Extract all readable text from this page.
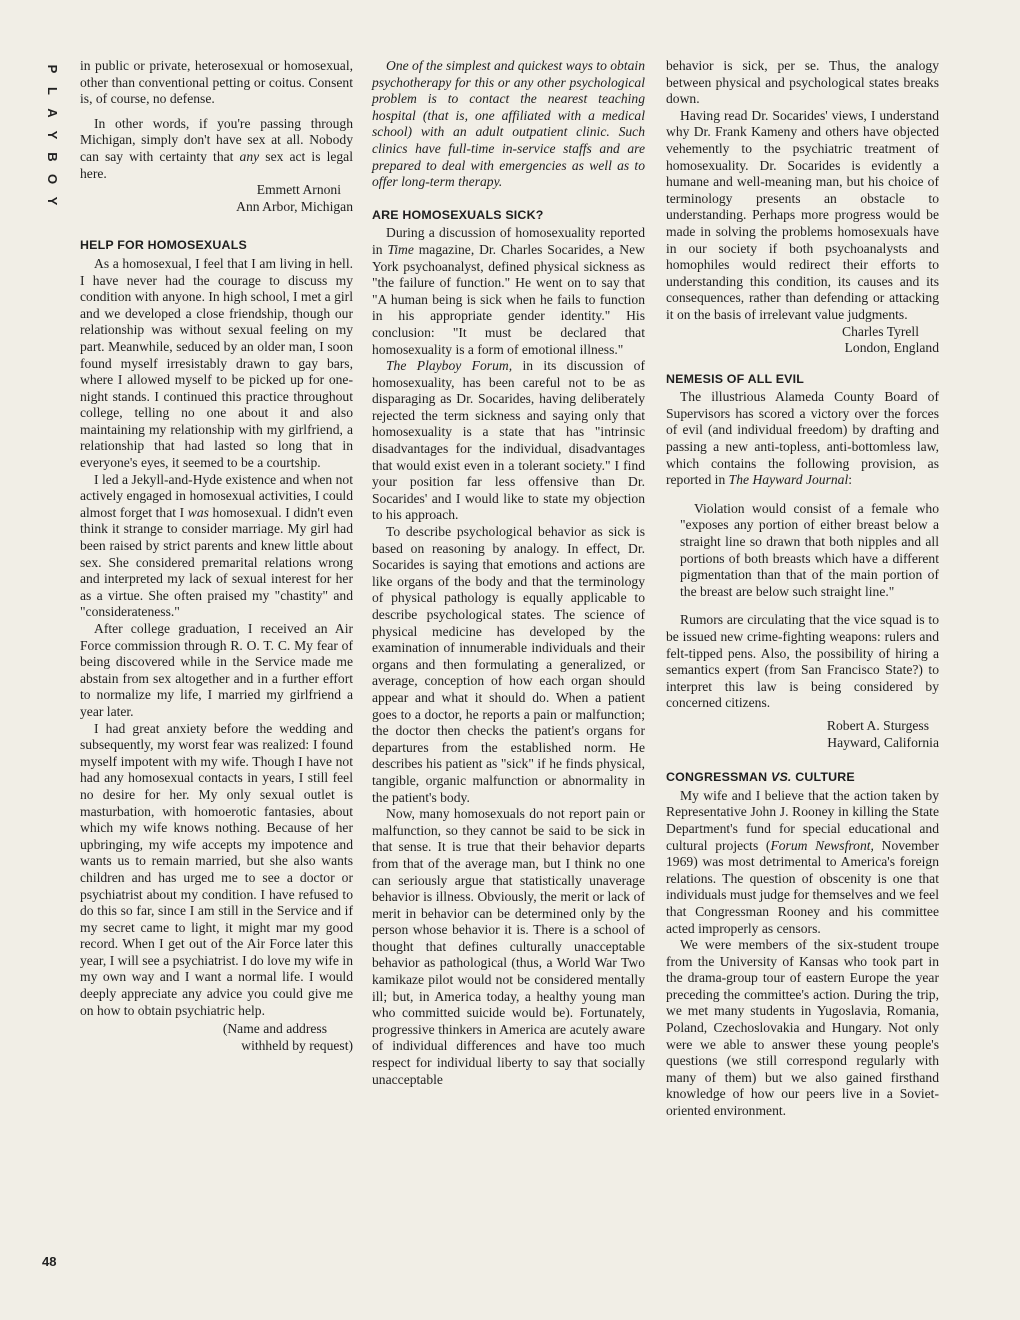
P
L
A
Y
B
O
Y
48

in public or private, heterosexual or homosexual, other than conventional petting or coitus. Consent is, of course, no defense.

In other words, if you're passing through Michigan, simply don't have sex at all. Nobody can say with certainty that any sex act is legal here.

Emmett Arnoni
Ann Arbor, Michigan
HELP FOR HOMOSEXUALS

As a homosexual, I feel that I am living in hell. I have never had the courage to discuss my condition with anyone. In high school, I met a girl and we developed a close friendship, though our relationship was without sexual feeling on my part. Meanwhile, seduced by an older man, I soon found myself irresistably drawn to gay bars, where I allowed myself to be picked up for one-night stands. I continued this practice throughout college, telling no one about it and also maintaining my relationship with my girlfriend, a relationship that had lasted so long that in everyone's eyes, it seemed to be a courtship.

I led a Jekyll-and-Hyde existence and when not actively engaged in homosexual activities, I could almost forget that I was homosexual. I didn't even think it strange to consider marriage. My girl had been raised by strict parents and knew little about sex. She considered premarital relations wrong and interpreted my lack of sexual interest for her as a virtue. She often praised my "chastity" and "considerateness."

After college graduation, I received an Air Force commission through R. O. T. C. My fear of being discovered while in the Service made me abstain from sex altogether and in a further effort to normalize my life, I married my girlfriend a year later.

I had great anxiety before the wedding and subsequently, my worst fear was realized: I found myself impotent with my wife. Though I have not had any homosexual contacts in years, I still feel no desire for her. My only sexual outlet is masturbation, with homoerotic fantasies, about which my wife knows nothing. Because of her upbringing, my wife accepts my impotence and wants us to remain married, but she also wants children and has urged me to see a doctor or psychiatrist about my condition. I have refused to do this so far, since I am still in the Service and if my secret came to light, it might mar my good record. When I get out of the Air Force later this year, I will see a psychiatrist. I do love my wife in my own way and I want a normal life. I would deeply appreciate any advice you could give me on how to obtain psychiatric help.

(Name and address
withheld by request)

One of the simplest and quickest ways to obtain psychotherapy for this or any other psychological problem is to contact the nearest teaching hospital (that is, one affiliated with a medical school) with an adult outpatient clinic. Such clinics have full-time in-service staffs and are prepared to deal with emergencies as well as to offer long-term therapy.

ARE HOMOSEXUALS SICK?

During a discussion of homosexuality reported in Time magazine, Dr. Charles Socarides, a New York psychoanalyst, defined physical sickness as "the failure of function." He went on to say that "A human being is sick when he fails to function in his appropriate gender identity." His conclusion: "It must be declared that homosexuality is a form of emotional illness."

The Playboy Forum, in its discussion of homosexuality, has been careful not to be as disparaging as Dr. Socarides, having deliberately rejected the term sickness and saying only that homosexuality is a state that has "intrinsic disadvantages for the individual, disadvantages that would exist even in a tolerant society." I find your position far less offensive than Dr. Socarides' and I would like to state my objection to his approach.

To describe psychological behavior as sick is based on reasoning by analogy. In effect, Dr. Socarides is saying that emotions and actions are like organs of the body and that the terminology of physical pathology is equally applicable to describe psychological states. The science of physical medicine has developed by the examination of innumerable individuals and their organs and then formulating a generalized, or average, conception of how each organ should appear and what it should do. When a patient goes to a doctor, he reports a pain or malfunction; the doctor then checks the patient's organs for departures from the established norm. He describes his patient as "sick" if he finds physical, tangible, organic malfunction or abnormality in the patient's body.

Now, many homosexuals do not report pain or malfunction, so they cannot be said to be sick in that sense. It is true that their behavior departs from that of the average man, but I think no one can seriously argue that statistically unaverage behavior is illness. Obviously, the merit or lack of merit in behavior can be determined only by the person whose behavior it is. There is a school of thought that defines culturally unacceptable behavior as pathological (thus, a World War Two kamikaze pilot would not be considered mentally ill; but, in America today, a healthy young man who committed suicide would be). Fortunately, progressive thinkers in America are acutely aware of individual differences and have too much respect for individual liberty to say that socially unacceptable

behavior is sick, per se. Thus, the analogy between physical and psychological states breaks down.

Having read Dr. Socarides' views, I understand why Dr. Frank Kameny and others have objected vehemently to the psychiatric treatment of homosexuality. Dr. Socarides is evidently a humane and well-meaning man, but his choice of terminology presents an obstacle to understanding. Perhaps more progress would be made in solving the problems homosexuals have in our society if both psychoanalysts and homophiles would redirect their efforts to understanding this condition, its causes and its consequences, rather than defending or attacking it on the basis of irrelevant value judgments.

Charles Tyrell
London, England
NEMESIS OF ALL EVIL

The illustrious Alameda County Board of Supervisors has scored a victory over the forces of evil (and individual freedom) by drafting and passing a new anti-topless, anti-bottomless law, which contains the following provision, as reported in The Hayward Journal:

Violation would consist of a female who "exposes any portion of either breast below a straight line so drawn that both nipples and all portions of both breasts which have a different pigmentation than that of the main portion of the breast are below such straight line."

Rumors are circulating that the vice squad is to be issued new crime-fighting weapons: rulers and felt-tipped pens. Also, the possibility of hiring a semantics expert (from San Francisco State?) to interpret this law is being considered by concerned citizens.

Robert A. Sturgess
Hayward, California
CONGRESSMAN VS. CULTURE

My wife and I believe that the action taken by Representative John J. Rooney in killing the State Department's fund for special educational and cultural projects (Forum Newsfront, November 1969) was most detrimental to America's foreign relations. The question of obscenity is one that individuals must judge for themselves and we feel that Congressman Rooney and his committee acted improperly as censors.

We were members of the six-student troupe from the University of Kansas who took part in the drama-group tour of eastern Europe the year preceding the committee's action. During the trip, we met many students in Yugoslavia, Romania, Poland, Czechoslovakia and Hungary. Not only were we able to answer these young people's questions (we still correspond regularly with many of them) but we also gained firsthand knowledge of how our peers live in a Soviet-oriented environment.
